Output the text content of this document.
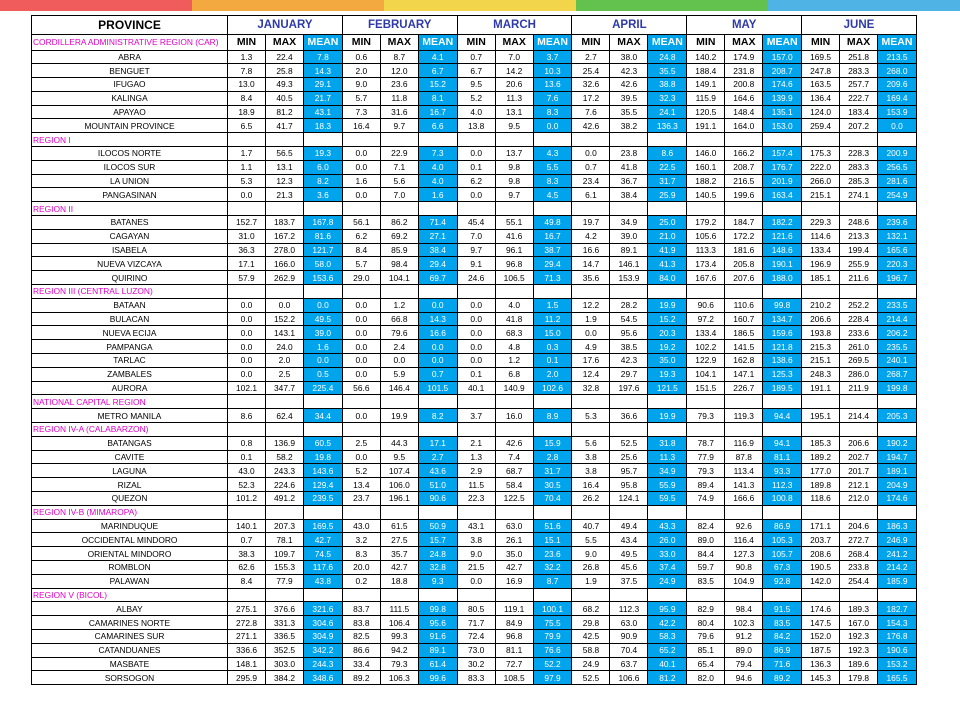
PROVINCE	JANUARY			FEBRUARY			MARCH			APRIL			MAY			JUNE		
CORDILLERA ADMINISTRATIVE REGION (CAR)	MIN	MAX	MEAN	MIN	MAX	MEAN	MIN	MAX	MEAN	MIN	MAX	MEAN	MIN	MAX	MEAN	MIN	MAX	MEAN
ABRA	1.3	22.4	7.8	0.6	8.7	4.1	0.7	7.0	3.7	2.7	38.0	24.8	140.2	174.9	157.0	169.5	251.8	213.5
BENGUET	7.8	25.8	14.3	2.0	12.0	6.7	6.7	14.2	10.3	25.4	42.3	35.5	188.4	231.8	208.7	247.8	283.3	268.0
IFUGAO	13.0	49.3	29.1	9.0	23.6	15.2	9.5	20.6	13.6	32.6	42.6	38.8	149.1	200.8	174.6	163.5	257.7	209.6
KALINGA	8.4	40.5	21.7	5.7	11.8	8.1	5.2	11.3	7.6	17.2	39.5	32.3	115.9	164.6	139.9	136.4	222.7	169.4
APAYAO	18.9	81.2	43.1	7.3	31.6	16.7	4.0	13.1	8.3	7.6	35.5	24.1	120.5	148.4	135.1	124.0	183.4	153.9
MOUNTAIN PROVINCE	6.5	41.7	18.3	16.4	9.7	6.6	13.8	9.5	0.0	42.6	38.2	136.3	191.1	164.0	153.0	259.4	207.2	0.0
REGION I																		
ILOCOS NORTE	1.7	56.5	19.3	0.0	22.9	7.3	0.0	13.7	4.3	0.0	23.8	8.6	146.0	166.2	157.4	175.3	228.3	200.9
ILOCOS SUR	1.1	13.1	6.0	0.0	7.1	4.0	0.1	9.8	5.5	0.7	41.8	22.5	160.1	208.7	176.7	222.0	283.3	256.5
LA UNION	5.3	12.3	8.2	1.6	5.6	4.0	6.2	9.8	8.3	23.4	36.7	31.7	188.2	216.5	201.9	266.0	285.3	281.6
PANGASINAN	0.0	21.3	3.6	0.0	7.0	1.6	0.0	9.7	4.5	6.1	38.4	25.9	140.5	199.6	163.4	215.1	274.1	254.9
REGION II																		
BATANES	152.7	183.7	167.8	56.1	86.2	71.4	45.4	55.1	49.8	19.7	34.9	25.0	179.2	184.7	182.2	229.3	248.6	239.6
CAGAYAN	31.0	167.2	81.6	6.2	69.2	27.1	7.0	41.6	16.7	4.2	39.0	21.0	105.6	172.2	121.6	114.6	213.3	132.1
ISABELA	36.3	278.0	121.7	8.4	85.9	38.4	9.7	96.1	38.7	16.6	89.1	41.9	113.3	181.6	148.6	133.4	199.4	165.6
NUEVA VIZCAYA	17.1	166.0	58.0	5.7	98.4	29.4	9.1	96.8	29.4	14.7	146.1	41.3	173.4	205.8	190.1	196.9	255.9	220.3
QUIRINO	57.9	262.9	153.6	29.0	104.1	69.7	24.6	106.5	71.3	35.6	153.9	84.0	167.6	207.6	188.0	185.1	211.6	196.7
REGION III (CENTRAL LUZON)																		
BATAAN	0.0	0.0	0.0	0.0	1.2	0.0	0.0	4.0	1.5	12.2	28.2	19.9	90.6	110.6	99.8	210.2	252.2	233.5
BULACAN	0.0	152.2	49.5	0.0	66.8	14.3	0.0	41.8	11.2	1.9	54.5	15.2	97.2	160.7	134.7	206.6	228.4	214.4
NUEVA ECIJA	0.0	143.1	39.0	0.0	79.6	16.6	0.0	68.3	15.0	0.0	95.6	20.3	133.4	186.5	159.6	193.8	233.6	206.2
PAMPANGA	0.0	24.0	1.6	0.0	2.4	0.0	0.0	4.8	0.3	4.9	38.5	19.2	102.2	141.5	121.8	215.3	261.0	235.5
TARLAC	0.0	2.0	0.0	0.0	0.0	0.0	0.0	1.2	0.1	17.6	42.3	35.0	122.9	162.8	138.6	215.1	269.5	240.1
ZAMBALES	0.0	2.5	0.5	0.0	5.9	0.7	0.1	6.8	2.0	12.4	29.7	19.3	104.1	147.1	125.3	248.3	286.0	268.7
AURORA	102.1	347.7	225.4	56.6	146.4	101.5	40.1	140.9	102.6	32.8	197.6	121.5	151.5	226.7	189.5	191.1	211.9	199.8
NATIONAL CAPITAL REGION																		
METRO MANILA	8.6	62.4	34.4	0.0	19.9	8.2	3.7	16.0	8.9	5.3	36.6	19.9	79.3	119.3	94.4	195.1	214.4	205.3
REGION IV-A (CALABARZON)																		
BATANGAS	0.8	136.9	60.5	2.5	44.3	17.1	2.1	42.6	15.9	5.6	52.5	31.8	78.7	116.9	94.1	185.3	206.6	190.2
CAVITE	0.1	58.2	19.8	0.0	9.5	2.7	1.3	7.4	2.8	3.8	25.6	11.3	77.9	87.8	81.1	189.2	202.7	194.7
LAGUNA	43.0	243.3	143.6	5.2	107.4	43.6	2.9	68.7	31.7	3.8	95.7	34.9	79.3	113.4	93.3	177.0	201.7	189.1
RIZAL	52.3	224.6	129.4	13.4	106.0	51.0	11.5	58.4	30.5	16.4	95.8	55.9	89.4	141.3	112.3	189.8	212.1	204.9
QUEZON	101.2	491.2	239.5	23.7	196.1	90.6	22.3	122.5	70.4	26.2	124.1	59.5	74.9	166.6	100.8	118.6	212.0	174.6
REGION IV-B (MIMAROPA)																		
MARINDUQUE	140.1	207.3	169.5	43.0	61.5	50.9	43.1	63.0	51.6	40.7	49.4	43.3	82.4	92.6	86.9	171.1	204.6	186.3
OCCIDENTAL MINDORO	0.7	78.1	42.7	3.2	27.5	15.7	3.8	26.1	15.1	5.5	43.4	26.0	89.0	116.4	105.3	203.7	272.7	246.9
ORIENTAL MINDORO	38.3	109.7	74.5	8.3	35.7	24.8	9.0	35.0	23.6	9.0	49.5	33.0	84.4	127.3	105.7	208.6	268.4	241.2
ROMBLON	62.6	155.3	117.6	20.0	42.7	32.8	21.5	42.7	32.2	26.8	45.6	37.4	59.7	90.8	67.3	190.5	233.8	214.2
PALAWAN	8.4	77.9	43.8	0.2	18.8	9.3	0.0	16.9	8.7	1.9	37.5	24.9	83.5	104.9	92.8	142.0	254.4	185.9
REGION V (BICOL)																		
ALBAY	275.1	376.6	321.6	83.7	111.5	99.8	80.5	119.1	100.1	68.2	112.3	95.9	82.9	98.4	91.5	174.6	189.3	182.7
CAMARINES NORTE	272.8	331.3	304.6	83.8	106.4	95.6	71.7	84.9	75.5	29.8	63.0	42.2	80.4	102.3	83.5	147.5	167.0	154.3
CAMARINES SUR	271.1	336.5	304.9	82.5	99.3	91.6	72.4	96.8	79.9	42.5	90.9	58.3	79.6	91.2	84.2	152.0	192.3	176.8
CATANDUANES	336.6	352.5	342.2	86.6	94.2	89.1	73.0	81.1	76.6	58.8	70.4	65.2	85.1	89.0	86.9	187.5	192.3	190.6
MASBATE	148.1	303.0	244.3	33.4	79.3	61.4	30.2	72.7	52.2	24.9	63.7	40.1	65.4	79.4	71.6	136.3	189.6	153.2
SORSOGON	295.9	384.2	348.6	89.2	106.3	99.6	83.3	108.5	97.9	52.5	106.6	81.2	82.0	94.6	89.2	145.3	179.8	165.5
